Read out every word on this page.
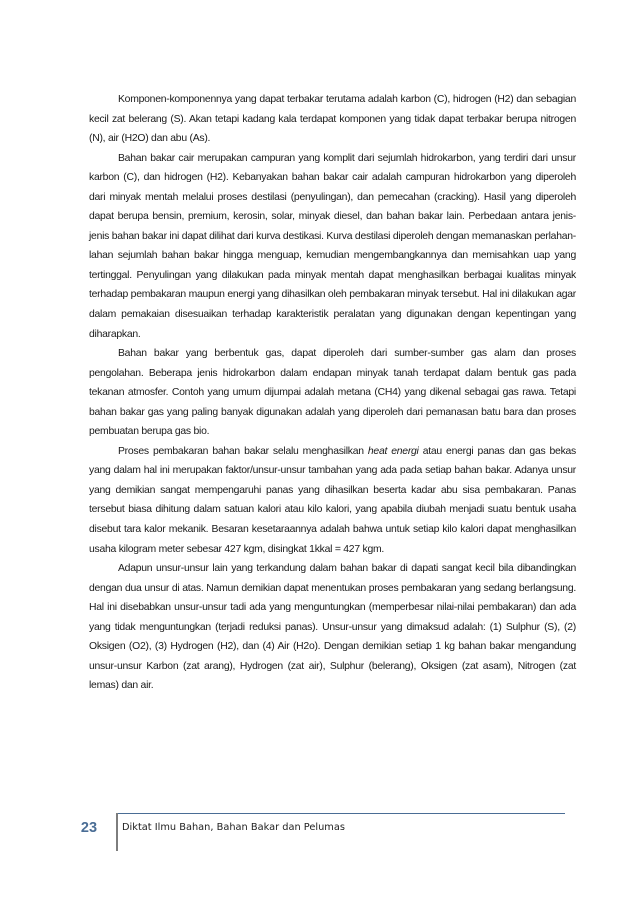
Komponen-komponennya yang dapat terbakar terutama adalah karbon (C), hidrogen (H2) dan sebagian kecil zat belerang (S). Akan tetapi kadang kala terdapat komponen yang tidak dapat terbakar berupa nitrogen (N), air (H2O) dan abu (As).

Bahan bakar cair merupakan campuran yang komplit dari sejumlah hidrokarbon, yang terdiri dari unsur karbon (C), dan hidrogen (H2). Kebanyakan bahan bakar cair adalah campuran hidrokarbon yang diperoleh dari minyak mentah melalui proses destilasi (penyulingan), dan pemecahan (cracking). Hasil yang diperoleh dapat berupa bensin, premium, kerosin, solar, minyak diesel, dan bahan bakar lain. Perbedaan antara jenis-jenis bahan bakar ini dapat dilihat dari kurva destikasi. Kurva destilasi diperoleh dengan memanaskan perlahan-lahan sejumlah bahan bakar hingga menguap, kemudian mengembangkannya dan memisahkan uap yang tertinggal. Penyulingan yang dilakukan pada minyak mentah dapat menghasilkan berbagai kualitas minyak terhadap pembakaran maupun energi yang dihasilkan oleh pembakaran minyak tersebut. Hal ini dilakukan agar dalam pemakaian disesuaikan terhadap karakteristik peralatan yang digunakan dengan kepentingan yang diharapkan.

Bahan bakar yang berbentuk gas, dapat diperoleh dari sumber-sumber gas alam dan proses pengolahan. Beberapa jenis hidrokarbon dalam endapan minyak tanah terdapat dalam bentuk gas pada tekanan atmosfer. Contoh yang umum dijumpai adalah metana (CH4) yang dikenal sebagai gas rawa. Tetapi bahan bakar gas yang paling banyak digunakan adalah yang diperoleh dari pemanasan batu bara dan proses pembuatan berupa gas bio.

Proses pembakaran bahan bakar selalu menghasilkan heat energi atau energi panas dan gas bekas yang dalam hal ini merupakan faktor/unsur-unsur tambahan yang ada pada setiap bahan bakar. Adanya unsur yang demikian sangat mempengaruhi panas yang dihasilkan beserta kadar abu sisa pembakaran. Panas tersebut biasa dihitung dalam satuan kalori atau kilo kalori, yang apabila diubah menjadi suatu bentuk usaha disebut tara kalor mekanik. Besaran kesetaraannya adalah bahwa untuk setiap kilo kalori dapat menghasilkan usaha kilogram meter sebesar 427 kgm, disingkat 1kkal = 427 kgm.

Adapun unsur-unsur lain yang terkandung dalam bahan bakar di dapati sangat kecil bila dibandingkan dengan dua unsur di atas. Namun demikian dapat menentukan proses pembakaran yang sedang berlangsung. Hal ini disebabkan unsur-unsur tadi ada yang menguntungkan (memperbesar nilai-nilai pembakaran) dan ada yang tidak menguntungkan (terjadi reduksi panas). Unsur-unsur yang dimaksud adalah: (1) Sulphur (S), (2) Oksigen (O2), (3) Hydrogen (H2), dan (4) Air (H2o). Dengan demikian setiap 1 kg bahan bakar mengandung unsur-unsur Karbon (zat arang), Hydrogen (zat air), Sulphur (belerang), Oksigen (zat asam), Nitrogen (zat lemas) dan air.

23	Diktat Ilmu Bahan, Bahan Bakar dan Pelumas
